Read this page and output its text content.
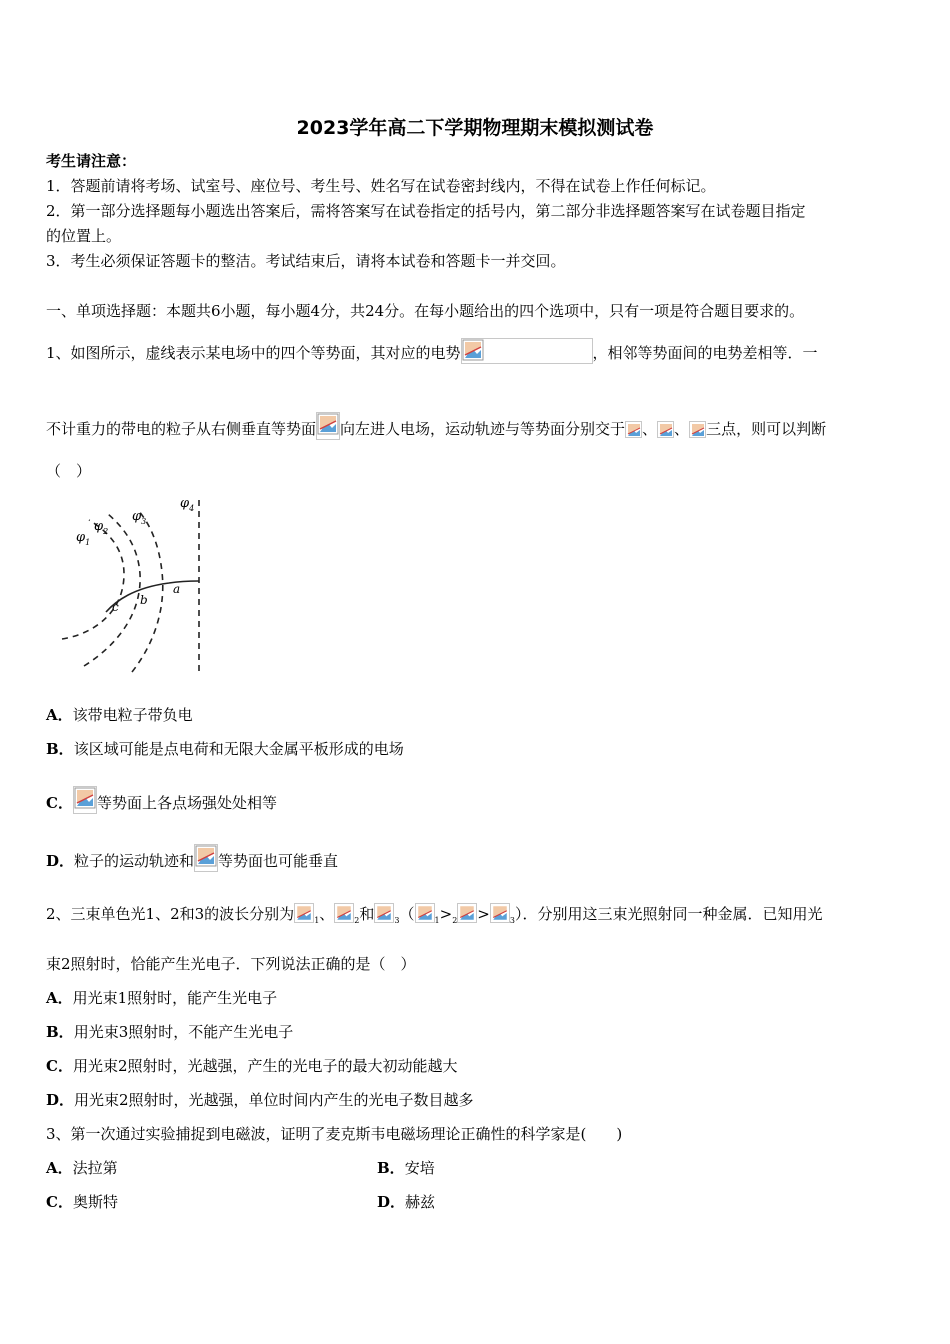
2023学年高二下学期物理期末模拟测试卷
考生请注意：
1．答题前请将考场、试室号、座位号、考生号、姓名写在试卷密封线内，不得在试卷上作任何标记。
2．第一部分选择题每小题选出答案后，需将答案写在试卷指定的括号内，第二部分非选择题答案写在试卷题目指定
的位置上。
3．考生必须保证答题卡的整洁。考试结束后，请将本试卷和答题卡一并交回。
一、单项选择题：本题共6小题，每小题4分，共24分。在每小题给出的四个选项中，只有一项是符合题目要求的。
1、如图所示，虚线表示某电场中的四个等势面，其对应的电势	，相邻等势面间的电势差相等．一
不计重力的带电的粒子从右侧垂直等势面 向左进人电场，运动轨迹与等势面分别交于 、 、 三点，则可以判断
（　）
$\varphi_1$
$\varphi_2$
$\varphi_3$
$\varphi_4$
a
b
c
A．该带电粒子带负电
B．该区域可能是点电荷和无限大金属平板形成的电场
C． 等势面上各点场强处处相等
D．粒子的运动轨迹和 等势面也可能垂直
2、三束单色光1、2和3的波长分别为	$_1$、	$_2$和	$_3$（	$_1>_2$ >	$_3$）．分别用这三束光照射同一种金属．已知用光
束2照射时，恰能产生光电子．下列说法正确的是（　）
A．用光束1照射时，能产生光电子
B．用光束3照射时，不能产生光电子
C．用光束2照射时，光越强，产生的光电子的最大初动能越大
D．用光束2照射时，光越强，单位时间内产生的光电子数目越多
3、第一次通过实验捕捉到电磁波，证明了麦克斯韦电磁场理论正确性的科学家是(　　)
A．法拉第	B．安培
C．奥斯特	D．赫兹
